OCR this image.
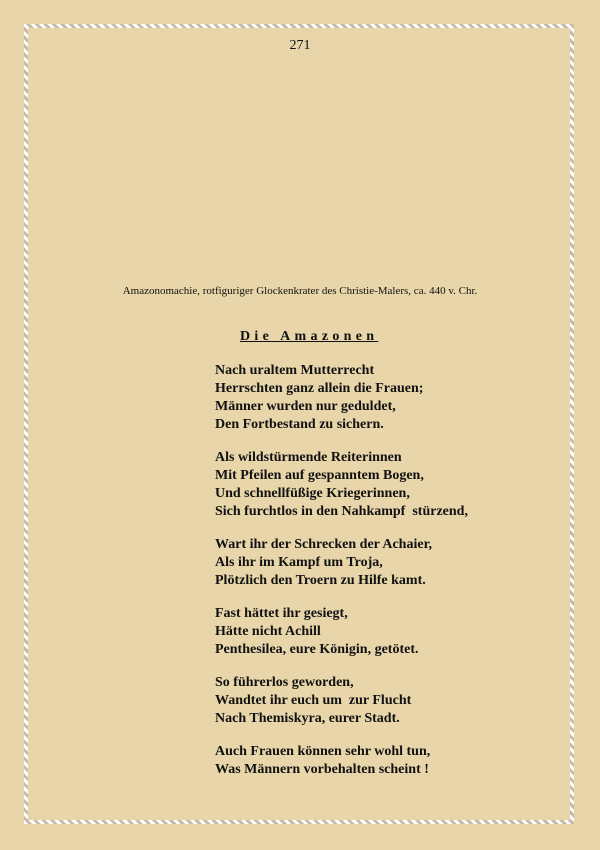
271
Amazonomachie, rotfiguriger Glockenkrater des Christie-Malers, ca. 440 v. Chr.
Die Amazonen
Nach uraltem Mutterrecht
Herrschten ganz allein die Frauen;
Männer wurden nur geduldet,
Den Fortbestand zu sichern.
Als wildstürmende Reiterinnen
Mit Pfeilen auf gespanntem Bogen,
Und schnellfüßige Kriegerinnen,
Sich furchtlos in den Nahkampf  stürzend,
Wart ihr der Schrecken der Achaier,
Als ihr im Kampf um Troja,
Plötzlich den Troern zu Hilfe kamt.
Fast hättet ihr gesiegt,
Hätte nicht Achill
Penthesilea, eure Königin, getötet.
So führerlos geworden,
Wandtet ihr euch um  zur Flucht
Nach Themiskyra, eurer Stadt.
Auch Frauen können sehr wohl tun,
Was Männern vorbehalten scheint !
